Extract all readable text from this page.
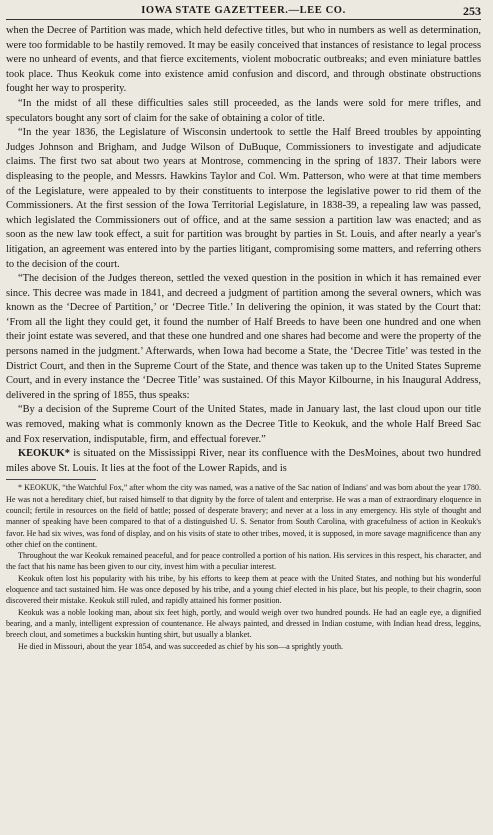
IOWA STATE GAZETTEER.—LEE CO.	253

when the Decree of Partition was made, which held defective titles, but who in numbers as well as determination, were too formidable to be hastily removed. It may be easily conceived that instances of resistance to legal process were no unheard of events, and that fierce excitements, violent mobocratic outbreaks; and even miniature battles took place. Thus Keokuk come into existence amid confusion and discord, and through obstinate obstructions fought her way to prosperity.

“In the midst of all these difficulties sales still proceeded, as the lands were sold for mere trifles, and speculators bought any sort of claim for the sake of obtaining a color of title.

“In the year 1836, the Legislature of Wisconsin undertook to settle the Half Breed troubles by appointing Judges Johnson and Brigham, and Judge Wilson of DuBuque, Commissioners to investigate and adjudicate claims. The first two sat about two years at Montrose, commencing in the spring of 1837. Their labors were displeasing to the people, and Messrs. Hawkins Taylor and Col. Wm. Patterson, who were at that time members of the Legislature, were appealed to by their constituents to interpose the legislative power to rid them of the Commissioners. At the first session of the Iowa Territorial Legislature, in 1838-39, a repealing law was passed, which legislated the Commissioners out of office, and at the same session a partition law was enacted; and as soon as the new law took effect, a suit for partition was brought by parties in St. Louis, and after nearly a year's litigation, an agreement was entered into by the parties litigant, compromising some matters, and referring others to the decision of the court.

“The decision of the Judges thereon, settled the vexed question in the position in which it has remained ever since. This decree was made in 1841, and decreed a judgment of partition among the several owners, which was known as the ‘Decree of Partition,’ or ‘Decree Title.’ In delivering the opinion, it was stated by the Court that: ‘From all the light they could get, it found the number of Half Breeds to have been one hundred and one when their joint estate was severed, and that these one hundred and one shares had become and were the property of the persons named in the judgment.’ Afterwards, when Iowa had become a State, the ‘Decree Title’ was tested in the District Court, and then in the Supreme Court of the State, and thence was taken up to the United States Supreme Court, and in every instance the ‘Decree Title’ was sustained. Of this Mayor Kilbourne, in his Inaugural Address, delivered in the spring of 1855, thus speaks:

“By a decision of the Supreme Court of the United States, made in January last, the last cloud upon our title was removed, making what is commonly known as the Decree Title to Keokuk, and the whole Half Breed Sac and Fox reservation, indisputable, firm, and effectual forever.”

KEOKUK* is situated on the Mississippi River, near its confluence with the DesMoines, about two hundred miles above St. Louis. It lies at the foot of the Lower Rapids, and is

* KEOKUK, “the Watchful Fox,” after whom the city was named, was a native of the Sac nation of Indians' and was born about the year 1780. He was not a hereditary chief, but raised himself to that dignity by the force of talent and enterprise. He was a man of extraordinary eloquence in council; fertile in resources on the field of battle; possed of desperate bravery; and never at a loss in any emergency. His style of thought and manner of speaking have been compared to that of a distinguished U. S. Senator from South Carolina, with gracefulness of action in Keokuk's favor. He had six wives, was fond of display, and on his visits of state to other tribes, moved, it is supposed, in more savage magnificence than any other chief on the continent.

Throughout the war Keokuk remained peaceful, and for peace controlled a portion of his nation. His services in this respect, his character, and the fact that his name has been given to our city, invest him with a peculiar interest.

Keokuk often lost his popularity with his tribe, by his efforts to keep them at peace with the United States, and nothing but his wonderful eloquence and tact sustained him. He was once deposed by his tribe, and a young chief elected in his place, but his people, to their chagrin, soon discovered their mistake. Keokuk still ruled, and rapidly attained his former position.

Keokuk was a noble looking man, about six feet high, portly, and would weigh over two hundred pounds. He had an eagle eye, a dignified bearing, and a manly, intelligent expression of countenance. He always painted, and dressed in Indian costume, with Indian head dress, leggins, breech clout, and sometimes a buckskin hunting shirt, but usually a blanket.

He died in Missouri, about the year 1854, and was succeeded as chief by his son—a sprightly youth.
